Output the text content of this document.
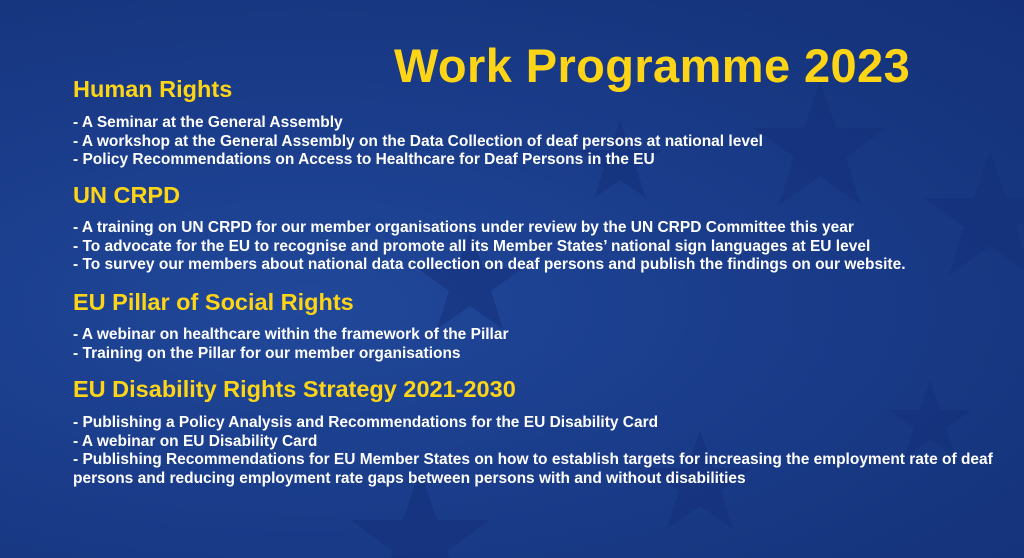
Work Programme 2023
Human Rights
- A Seminar at the General Assembly
- A workshop at the General Assembly on the Data Collection of deaf persons at national level
- Policy Recommendations on Access to Healthcare for Deaf Persons in the EU
UN CRPD
- A training on UN CRPD for our member organisations under review by the UN CRPD Committee this year
- To advocate for the EU to recognise and promote all its Member States’ national sign languages at EU level
- To survey our members about national data collection on deaf persons and publish the findings on our website.
EU Pillar of Social Rights
- A webinar on healthcare within the framework of the Pillar
- Training on the Pillar for our member organisations
EU Disability Rights Strategy 2021-2030
- Publishing a Policy Analysis and Recommendations for the EU Disability Card
- A webinar on EU Disability Card
- Publishing Recommendations for EU Member States on how to establish targets for increasing the employment rate of deaf persons and reducing employment rate gaps between persons with and without disabilities
